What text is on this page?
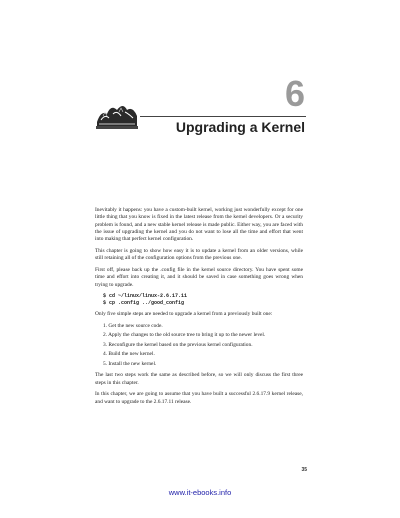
6
Upgrading a Kernel

Inevitably it happens: you have a custom-built kernel, working just wonderfully except for one little thing that you know is fixed in the latest release from the kernel developers. Or a security problem is found, and a new stable kernel release is made public. Either way, you are faced with the issue of upgrading the kernel and you do not want to lose all the time and effort that went into making that perfect kernel configuration.

This chapter is going to show how easy it is to update a kernel from an older versions, while still retaining all of the configuration options from the previous one.

First off, please back up the .config file in the kernel source directory. You have spent some time and effort into creating it, and it should be saved in case something goes wrong when trying to upgrade.

$ cd ~/linux/linux-2.6.17.11
$ cp .config ../good_config

Only five simple steps are needed to upgrade a kernel from a previously built one:

1. Get the new source code.
2. Apply the changes to the old source tree to bring it up to the newer level.
3. Reconfigure the kernel based on the previous kernel configuration.
4. Build the new kernel.
5. Install the new kernel.

The last two steps work the same as described before, so we will only discuss the first three steps in this chapter.

In this chapter, we are going to assume that you have built a successful 2.6.17.9 kernel release, and want to upgrade to the 2.6.17.11 release.

35
www.it-ebooks.info
